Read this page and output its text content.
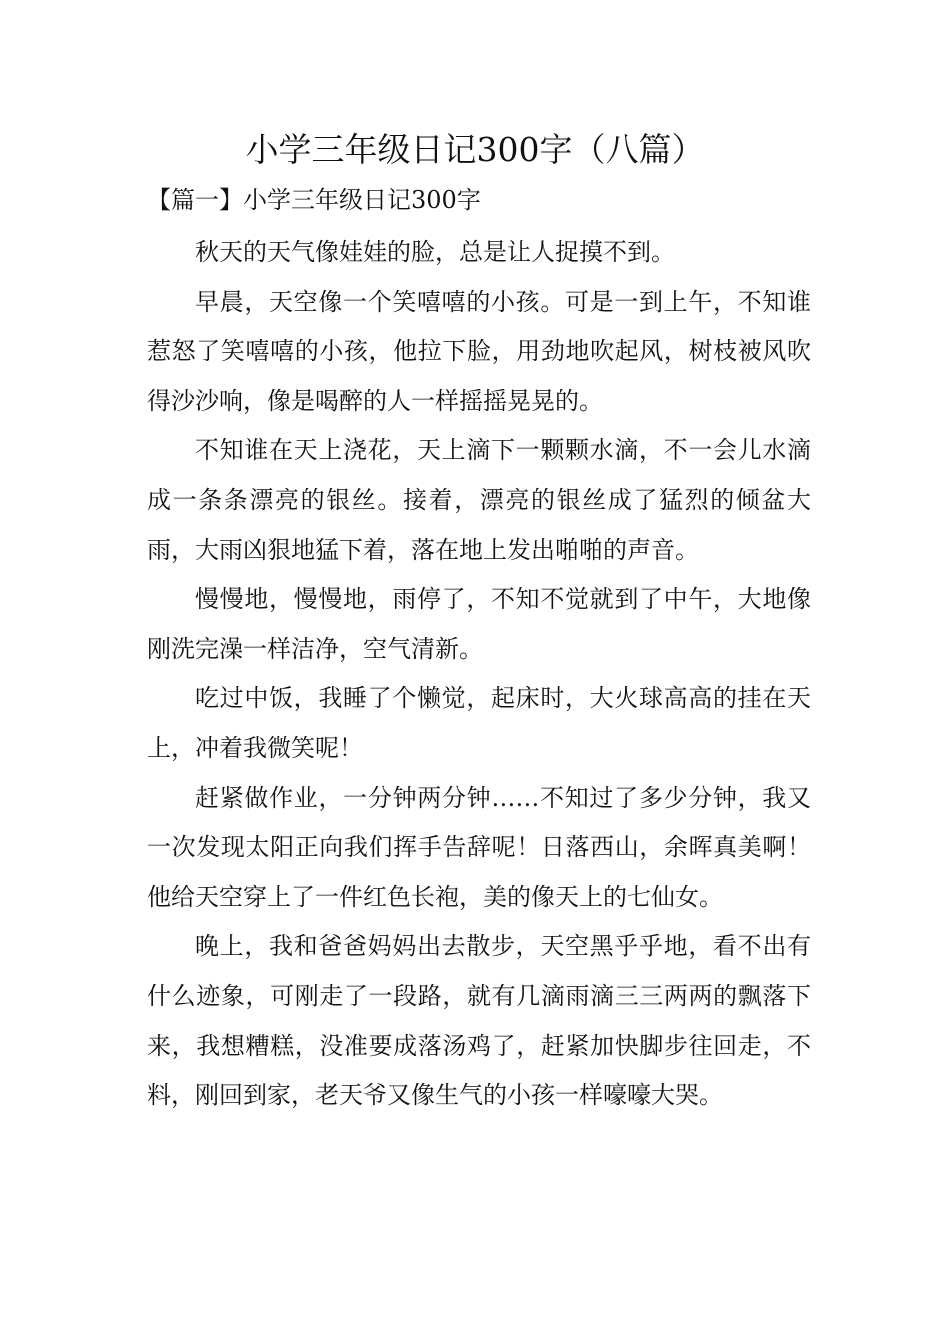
小学三年级日记300字（八篇）
【篇一】小学三年级日记300字

秋天的天气像娃娃的脸，总是让人捉摸不到。

早晨，天空像一个笑嘻嘻的小孩。可是一到上午，不知谁惹怒了笑嘻嘻的小孩，他拉下脸，用劲地吹起风，树枝被风吹得沙沙响，像是喝醉的人一样摇摇晃晃的。

不知谁在天上浇花，天上滴下一颗颗水滴，不一会儿水滴成一条条漂亮的银丝。接着，漂亮的银丝成了猛烈的倾盆大雨，大雨凶狠地猛下着，落在地上发出啪啪的声音。

慢慢地，慢慢地，雨停了，不知不觉就到了中午，大地像刚洗完澡一样洁净，空气清新。

吃过中饭，我睡了个懒觉，起床时，大火球高高的挂在天上，冲着我微笑呢！

赶紧做作业，一分钟两分钟……不知过了多少分钟，我又一次发现太阳正向我们挥手告辞呢！日落西山，余晖真美啊！他给天空穿上了一件红色长袍，美的像天上的七仙女。

晚上，我和爸爸妈妈出去散步，天空黑乎乎地，看不出有什么迹象，可刚走了一段路，就有几滴雨滴三三两两的飘落下来，我想糟糕，没准要成落汤鸡了，赶紧加快脚步往回走，不料，刚回到家，老天爷又像生气的小孩一样嚎嚎大哭。
